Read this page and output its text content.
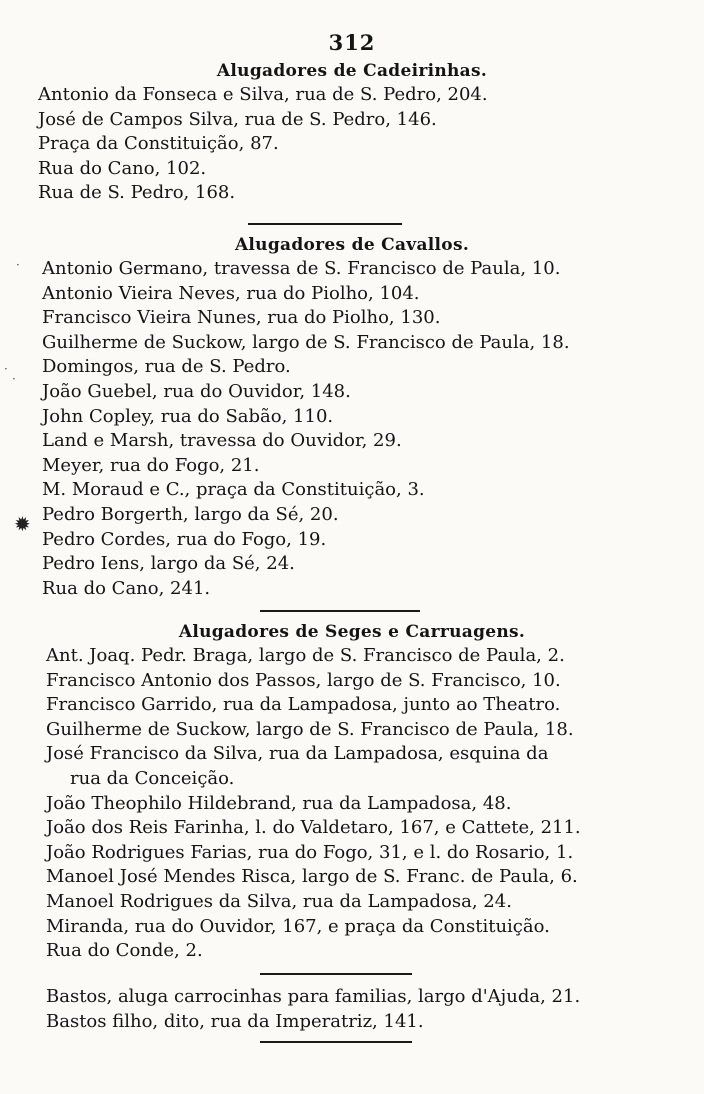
312
Alugadores de Cadeirinhas.
Antonio da Fonseca e Silva, rua de S. Pedro, 204.
José de Campos Silva, rua de S. Pedro, 146.
Praça da Constituição, 87.
Rua do Cano, 102.
Rua de S. Pedro, 168.
Alugadores de Cavallos.
Antonio Germano, travessa de S. Francisco de Paula, 10.
Antonio Vieira Neves, rua do Piolho, 104.
Francisco Vieira Nunes, rua do Piolho, 130.
Guilherme de Suckow, largo de S. Francisco de Paula, 18.
Domingos, rua de S. Pedro.
João Guebel, rua do Ouvidor, 148.
John Copley, rua do Sabão, 110.
Land e Marsh, travessa do Ouvidor, 29.
Meyer, rua do Fogo, 21.
M. Moraud e C., praça da Constituição, 3.
Pedro Borgerth, largo da Sé, 20.
Pedro Cordes, rua do Fogo, 19.
Pedro Iens, largo da Sé, 24.
Rua do Cano, 241.
Alugadores de Seges e Carruagens.
Ant. Joaq. Pedr. Braga, largo de S. Francisco de Paula, 2.
Francisco Antonio dos Passos, largo de S. Francisco, 10.
Francisco Garrido, rua da Lampadosa, junto ao Theatro.
Guilherme de Suckow, largo de S. Francisco de Paula, 18.
José Francisco da Silva, rua da Lampadosa, esquina da
rua da Conceição.
João Theophilo Hildebrand, rua da Lampadosa, 48.
João dos Reis Farinha, l. do Valdetaro, 167, e Cattete, 211.
João Rodrigues Farias, rua do Fogo, 31, e l. do Rosario, 1.
Manoel José Mendes Risca, largo de S. Franc. de Paula, 6.
Manoel Rodrigues da Silva, rua da Lampadosa, 24.
Miranda, rua do Ouvidor, 167, e praça da Constituição.
Rua do Conde, 2.
Bastos, aluga carrocinhas para familias, largo d'Ajuda, 21.
Bastos filho, dito, rua da Imperatriz, 141.
✹
·
·
·
